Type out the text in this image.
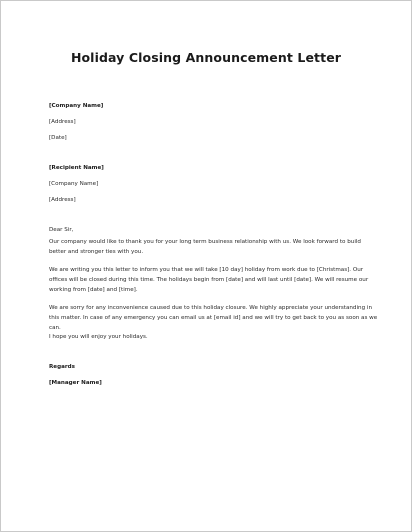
Holiday Closing Announcement Letter
[Company Name]
[Address]
[Date]
[Recipient Name]
[Company Name]
[Address]
Dear Sir,
Our company would like to thank you for your long term business relationship with us. We look forward to build better and stronger ties with you.
We are writing you this letter to inform you that we will take [10 day] holiday from work due to [Christmas]. Our offices will be closed during this time. The holidays begin from [date] and will last until [date]. We will resume our working from [date] and [time].
We are sorry for any inconvenience caused due to this holiday closure. We highly appreciate your understanding in this matter. In case of any emergency you can email us at [email id] and we will try to get back to you as soon as we can.
I hope you will enjoy your holidays.
Regards
[Manager Name]
